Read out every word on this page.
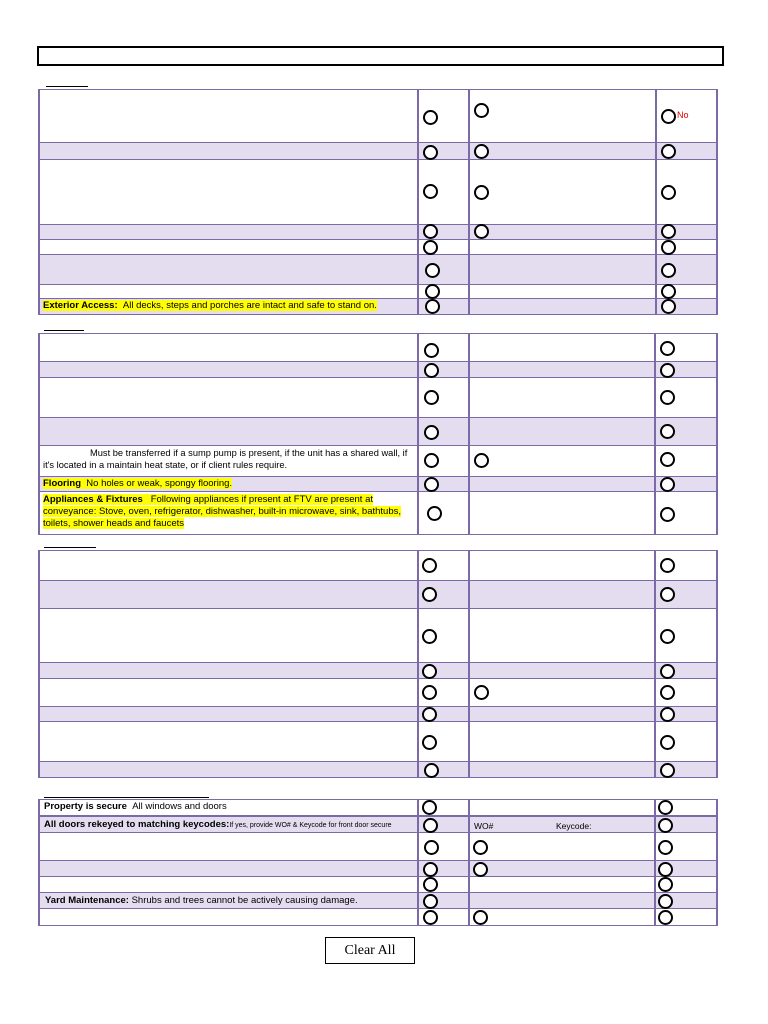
No
Exterior Access: All decks, steps and porches are intact and safe to stand on.
Must be transferred if a sump pump is present, if the unit has a shared wall, if it's located in a maintain heat state, or if client rules require.
Flooring No holes or weak, spongy flooring.
Appliances & Fixtures Following appliances if present at FTV are present at conveyance: Stove, oven, refrigerator, dishwasher, built-in microwave, sink, bathtubs, toilets, shower heads and faucets
Property is secure All windows and doors
All doors rekeyed to matching keycodes:If yes, provide WO# & Keycode for front door secure	WO#	Keycode:
Yard Maintenance: Shrubs and trees cannot be actively causing damage.
Clear All
